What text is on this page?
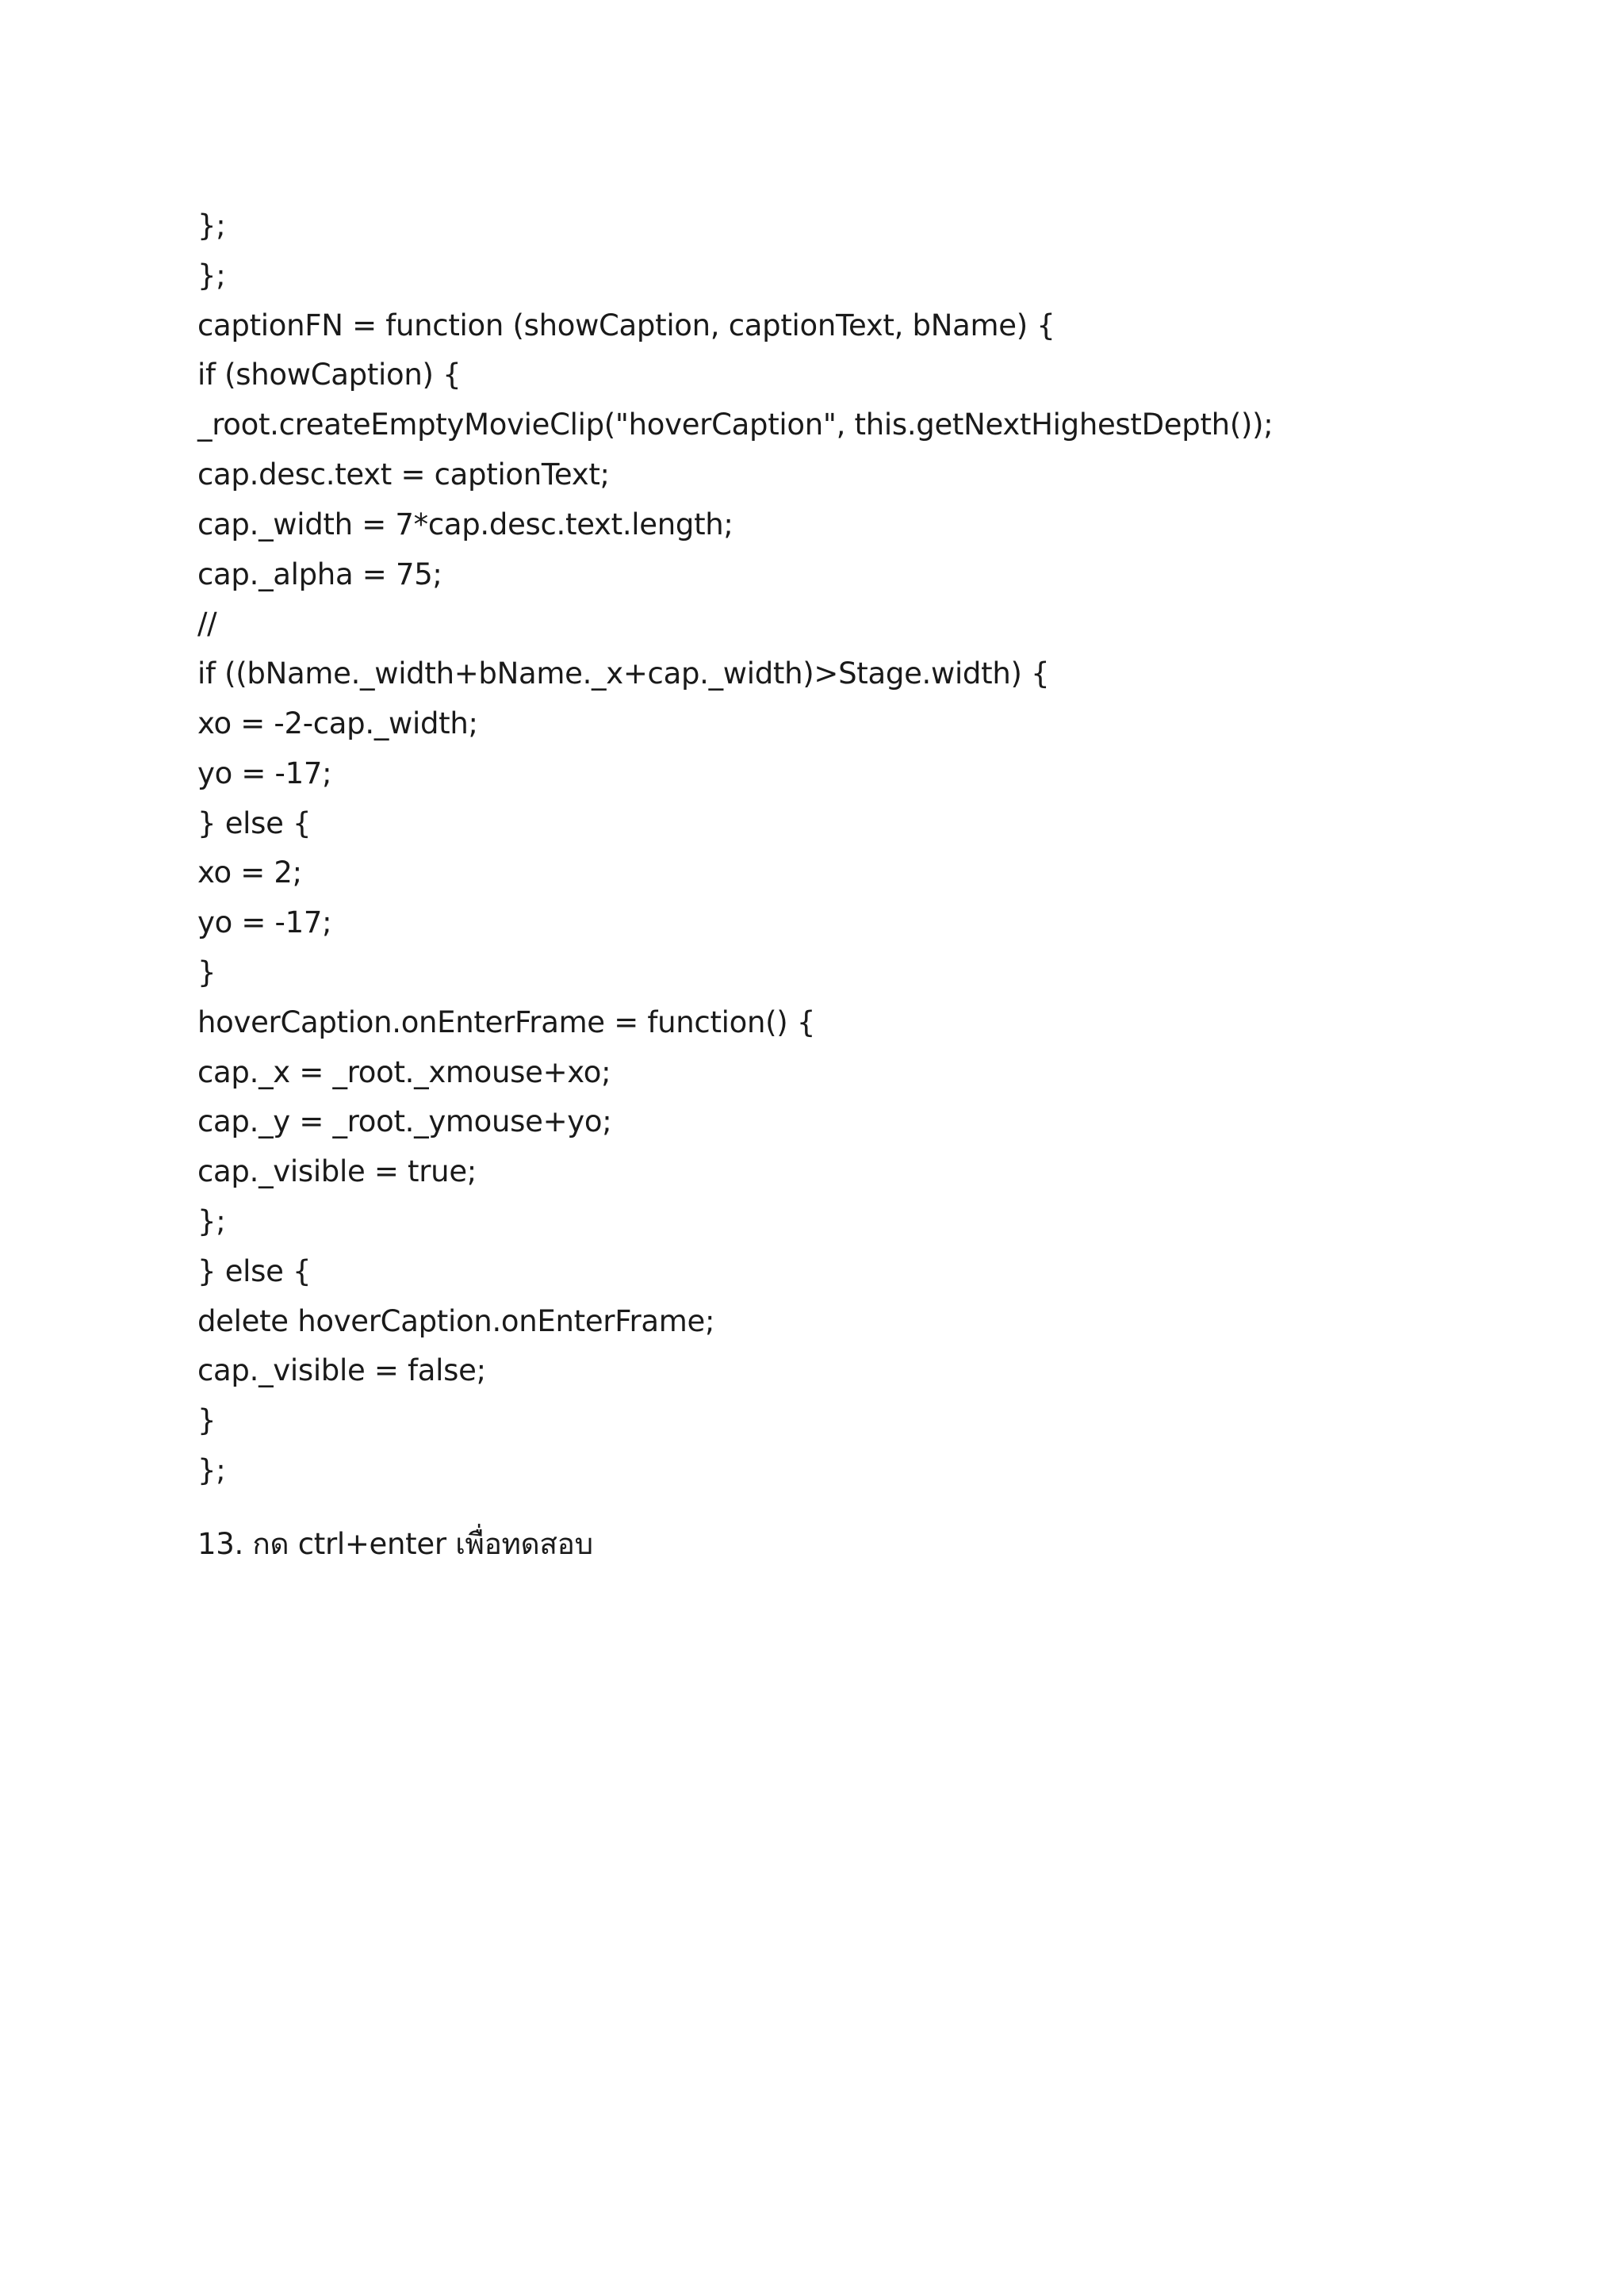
};
};
captionFN = function (showCaption, captionText, bName) {
if (showCaption) {
_root.createEmptyMovieClip("hoverCaption", this.getNextHighestDepth());
cap.desc.text = captionText;
cap._width = 7*cap.desc.text.length;
cap._alpha = 75;
//
if ((bName._width+bName._x+cap._width)>Stage.width) {
xo = -2-cap._width;
yo = -17;
} else {
xo = 2;
yo = -17;
}
hoverCaption.onEnterFrame = function() {
cap._x = _root._xmouse+xo;
cap._y = _root._ymouse+yo;
cap._visible = true;
};
} else {
delete hoverCaption.onEnterFrame;
cap._visible = false;
}
};
13. กด ctrl+enter เพื่อทดสอบ
